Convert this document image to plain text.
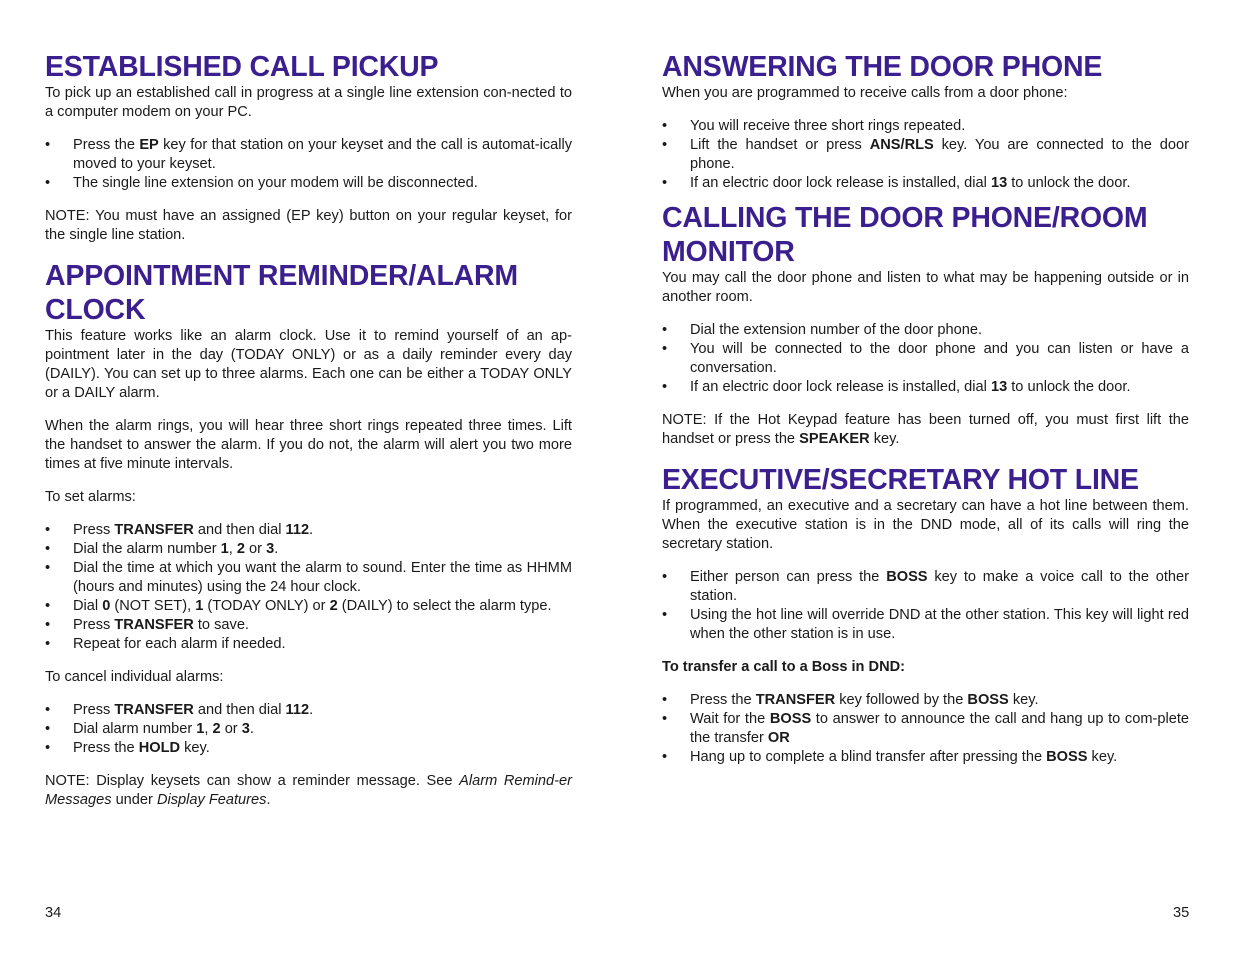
ESTABLISHED CALL PICKUP

To pick up an established call in progress at a single line extension con-nected to a computer modem on your PC.

• Press the EP key for that station on your keyset and the call is automat-ically moved to your keyset.
• The single line extension on your modem will be disconnected.

NOTE: You must have an assigned (EP key) button on your regular keyset, for the single line station.

APPOINTMENT REMINDER/ALARM CLOCK

This feature works like an alarm clock. Use it to remind yourself of an ap-pointment later in the day (TODAY ONLY) or as a daily reminder every day (DAILY). You can set up to three alarms. Each one can be either a TODAY ONLY or a DAILY alarm.

When the alarm rings, you will hear three short rings repeated three times. Lift the handset to answer the alarm. If you do not, the alarm will alert you two more times at five minute intervals.

To set alarms:

• Press TRANSFER and then dial 112.
• Dial the alarm number 1, 2 or 3.
• Dial the time at which you want the alarm to sound. Enter the time as HHMM (hours and minutes) using the 24 hour clock.
• Dial 0 (NOT SET), 1 (TODAY ONLY) or 2 (DAILY) to select the alarm type.
• Press TRANSFER to save.
• Repeat for each alarm if needed.

To cancel individual alarms:

• Press TRANSFER and then dial 112.
• Dial alarm number 1, 2 or 3.
• Press the HOLD key.

NOTE: Display keysets can show a reminder message. See Alarm Remind-er Messages under Display Features.

ANSWERING THE DOOR PHONE

When you are programmed to receive calls from a door phone:

• You will receive three short rings repeated.
• Lift the handset or press ANS/RLS key. You are connected to the door phone.
• If an electric door lock release is installed, dial 13 to unlock the door.
CALLING THE DOOR PHONE/ROOM MONITOR

You may call the door phone and listen to what may be happening outside or in another room.

• Dial the extension number of the door phone.
• You will be connected to the door phone and you can listen or have a conversation.
• If an electric door lock release is installed, dial 13 to unlock the door.

NOTE: If the Hot Keypad feature has been turned off, you must first lift the handset or press the SPEAKER key.

EXECUTIVE/SECRETARY HOT LINE

If programmed, an executive and a secretary can have a hot line between them. When the executive station is in the DND mode, all of its calls will ring the secretary station.

• Either person can press the BOSS key to make a voice call to the other station.
• Using the hot line will override DND at the other station. This key will light red when the other station is in use.

To transfer a call to a Boss in DND:

• Press the TRANSFER key followed by the BOSS key.
• Wait for the BOSS to answer to announce the call and hang up to com-plete the transfer OR
• Hang up to complete a blind transfer after pressing the BOSS key.
34	35
